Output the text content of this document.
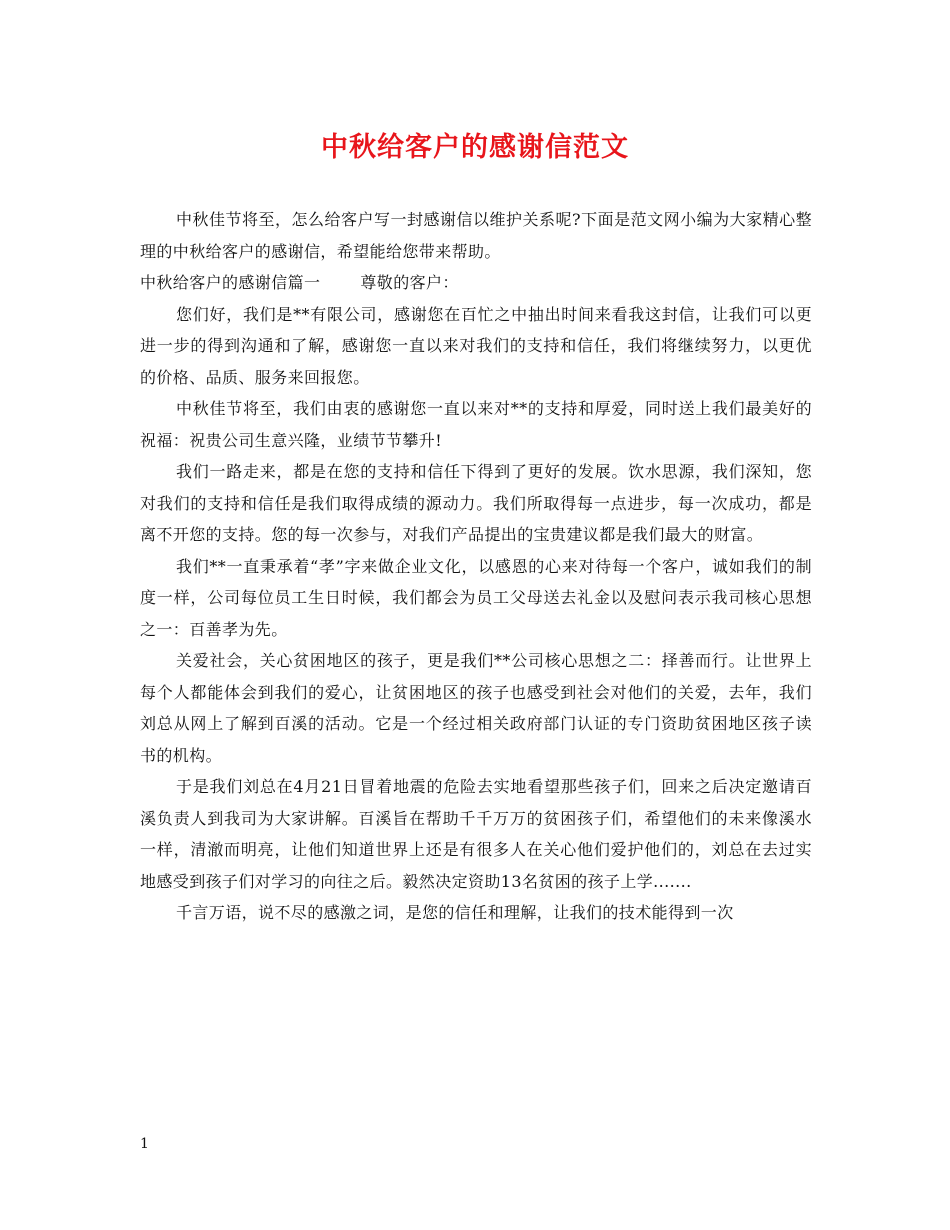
中秋给客户的感谢信范文

中秋佳节将至，怎么给客户写一封感谢信以维护关系呢?下面是范文网小编为大家精心整理的中秋给客户的感谢信，希望能给您带来帮助。

中秋给客户的感谢信篇一	尊敬的客户：

您们好，我们是**有限公司，感谢您在百忙之中抽出时间来看我这封信，让我们可以更进一步的得到沟通和了解，感谢您一直以来对我们的支持和信任，我们将继续努力，以更优的价格、品质、服务来回报您。

中秋佳节将至，我们由衷的感谢您一直以来对**的支持和厚爱，同时送上我们最美好的祝福：祝贵公司生意兴隆，业绩节节攀升!

我们一路走来，都是在您的支持和信任下得到了更好的发展。饮水思源，我们深知，您对我们的支持和信任是我们取得成绩的源动力。我们所取得每一点进步，每一次成功，都是离不开您的支持。您的每一次参与，对我们产品提出的宝贵建议都是我们最大的财富。

我们**一直秉承着“孝”字来做企业文化，以感恩的心来对待每一个客户，诚如我们的制度一样，公司每位员工生日时候，我们都会为员工父母送去礼金以及慰问表示我司核心思想之一：百善孝为先。

关爱社会，关心贫困地区的孩子，更是我们**公司核心思想之二：择善而行。让世界上每个人都能体会到我们的爱心，让贫困地区的孩子也感受到社会对他们的关爱，去年，我们刘总从网上了解到百溪的活动。它是一个经过相关政府部门认证的专门资助贫困地区孩子读书的机构。

于是我们刘总在4月21日冒着地震的危险去实地看望那些孩子们，回来之后决定邀请百溪负责人到我司为大家讲解。百溪旨在帮助千千万万的贫困孩子们，希望他们的未来像溪水一样，清澈而明亮，让他们知道世界上还是有很多人在关心他们爱护他们的，刘总在去过实地感受到孩子们对学习的向往之后。毅然决定资助13名贫困的孩子上学.......

千言万语，说不尽的感激之词，是您的信任和理解，让我们的技术能得到一次

1
